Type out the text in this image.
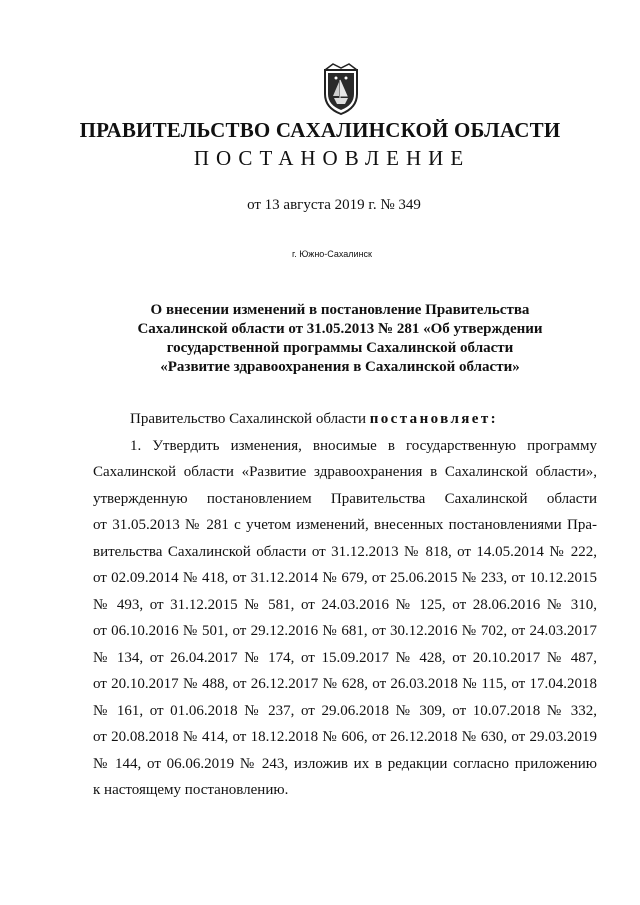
ПРАВИТЕЛЬСТВО САХАЛИНСКОЙ ОБЛАСТИ
ПОСТАНОВЛЕНИЕ
от 13 августа 2019 г. № 349
г. Южно-Сахалинск
О внесении изменений в постановление Правительства
Сахалинской области от 31.05.2013 № 281 «Об утверждении
государственной программы Сахалинской области
«Развитие здравоохранения в Сахалинской области»
Правительство Сахалинской области постановляет:
1. Утвердить изменения, вносимые в государственную программу
Сахалинской области «Развитие здравоохранения в Сахалинской области»,
утвержденную постановлением Правительства Сахалинской области
от 31.05.2013 № 281 с учетом изменений, внесенных постановлениями Пра-
вительства Сахалинской области от 31.12.2013 № 818, от 14.05.2014 № 222,
от 02.09.2014 № 418, от 31.12.2014 № 679, от 25.06.2015 № 233, от 10.12.2015
№ 493, от 31.12.2015 № 581, от 24.03.2016 № 125, от 28.06.2016 № 310,
от 06.10.2016 № 501, от 29.12.2016 № 681, от 30.12.2016 № 702, от 24.03.2017
№ 134, от 26.04.2017 № 174, от 15.09.2017 № 428, от 20.10.2017 № 487,
от 20.10.2017 № 488, от 26.12.2017 № 628, от 26.03.2018 № 115, от 17.04.2018
№ 161, от 01.06.2018 № 237, от 29.06.2018 № 309, от 10.07.2018 № 332,
от 20.08.2018 № 414, от 18.12.2018 № 606, от 26.12.2018 № 630, от 29.03.2019
№ 144, от 06.06.2019 № 243, изложив их в редакции согласно приложению
к настоящему постановлению.
